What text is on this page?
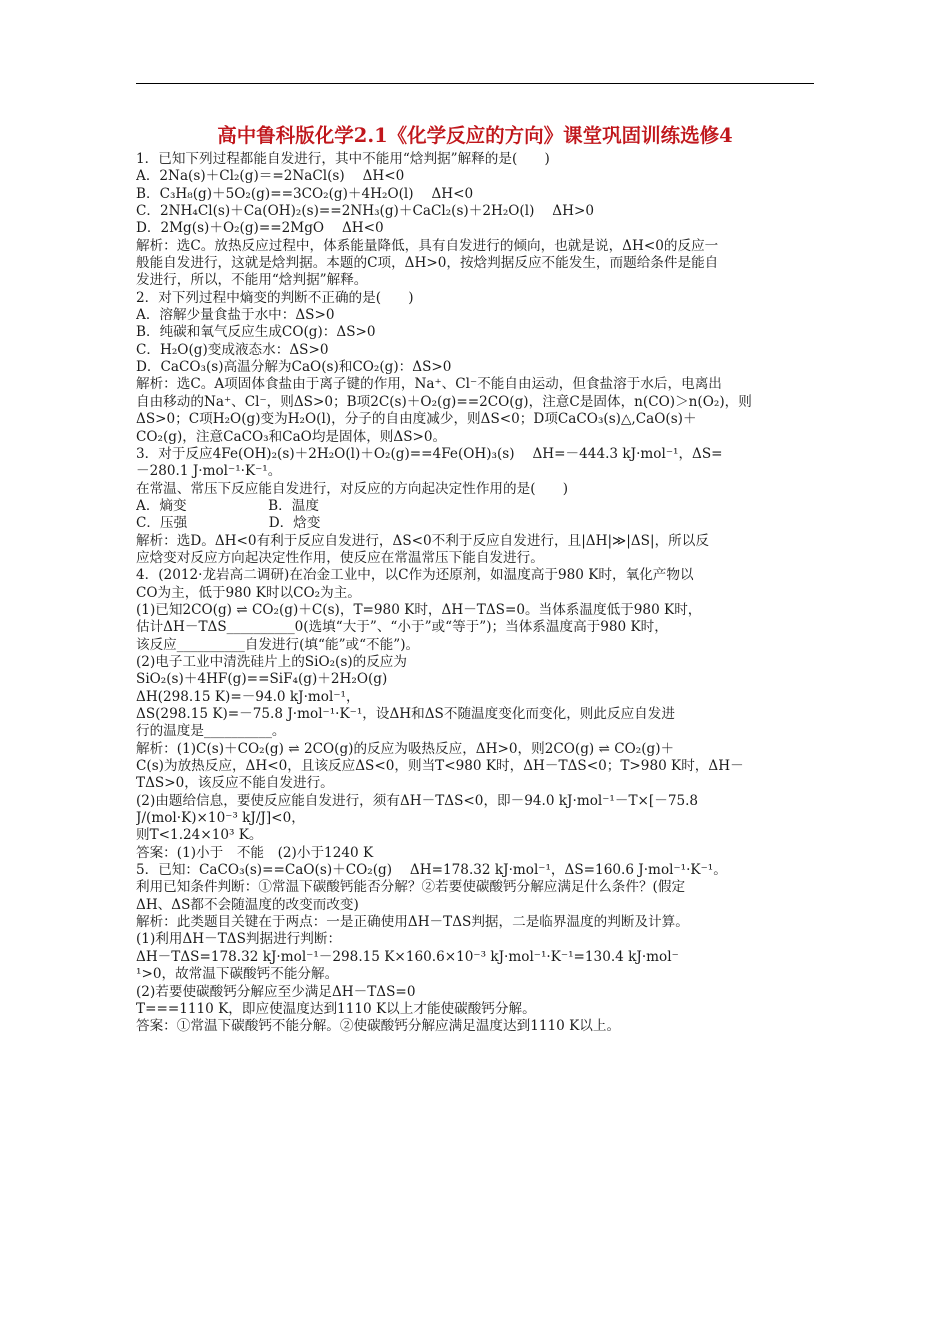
高中鲁科版化学2.1《化学反应的方向》课堂巩固训练选修4
1．已知下列过程都能自发进行，其中不能用“焓判据”解释的是(　　)
A．2Na(s)＋Cl₂(g)＝=2NaCl(s)　 ΔH<0
B．C₃H₈(g)＋5O₂(g)==3CO₂(g)＋4H₂O(l)　 ΔH<0
C．2NH₄Cl(s)＋Ca(OH)₂(s)==2NH₃(g)＋CaCl₂(s)＋2H₂O(l)　 ΔH>0
D．2Mg(s)＋O₂(g)==2MgO　 ΔH<0
解析：选C。放热反应过程中，体系能量降低，具有自发进行的倾向，也就是说，ΔH<0的反应一
般能自发进行，这就是焓判据。本题的C项，ΔH>0，按焓判据反应不能发生，而题给条件是能自
发进行，所以，不能用“焓判据”解释。
2．对下列过程中熵变的判断不正确的是(　　)
A．溶解少量食盐于水中：ΔS>0
B．纯碳和氧气反应生成CO(g)：ΔS>0
C．H₂O(g)变成液态水：ΔS>0
D．CaCO₃(s)高温分解为CaO(s)和CO₂(g)：ΔS>0
解析：选C。A项固体食盐由于离子键的作用，Na⁺、Cl⁻不能自由运动，但食盐溶于水后，电离出
自由移动的Na⁺、Cl⁻，则ΔS>0；B项2C(s)＋O₂(g)==2CO(g)，注意C是固体，n(CO)＞n(O₂)，则
ΔS>0；C项H₂O(g)变为H₂O(l)，分子的自由度减少，则ΔS<0；D项CaCO₃(s)△,CaO(s)＋
CO₂(g)，注意CaCO₃和CaO均是固体，则ΔS>0。
3．对于反应4Fe(OH)₂(s)＋2H₂O(l)＋O₂(g)==4Fe(OH)₃(s)　 ΔH=－444.3 kJ·mol⁻¹，ΔS=
－280.1 J·mol⁻¹·K⁻¹。
在常温、常压下反应能自发进行，对反应的方向起决定性作用的是(　　)
A．熵变　　　　　　B．温度
C．压强　　　　　　D．焓变
解析：选D。ΔH<0有利于反应自发进行，ΔS<0不利于反应自发进行，且|ΔH|≫|ΔS|，所以反
应焓变对反应方向起决定性作用，使反应在常温常压下能自发进行。
4．(2012·龙岩高二调研)在冶金工业中，以C作为还原剂，如温度高于980 K时，氧化产物以
CO为主，低于980 K时以CO₂为主。
(1)已知2CO(g) ⇌ CO₂(g)＋C(s)，T=980 K时，ΔH－TΔS=0。当体系温度低于980 K时，
估计ΔH－TΔS__________0(选填“大于”、“小于”或“等于”)；当体系温度高于980 K时，
该反应__________自发进行(填“能”或“不能”)。
(2)电子工业中清洗硅片上的SiO₂(s)的反应为
SiO₂(s)＋4HF(g)==SiF₄(g)＋2H₂O(g)
ΔH(298.15 K)=－94.0 kJ·mol⁻¹，
ΔS(298.15 K)=－75.8 J·mol⁻¹·K⁻¹，设ΔH和ΔS不随温度变化而变化，则此反应自发进
行的温度是__________。
解析：(1)C(s)＋CO₂(g) ⇌ 2CO(g)的反应为吸热反应，ΔH>0，则2CO(g) ⇌ CO₂(g)＋
C(s)为放热反应，ΔH<0，且该反应ΔS<0，则当T<980 K时，ΔH－TΔS<0；T>980 K时，ΔH－
TΔS>0，该反应不能自发进行。
(2)由题给信息，要使反应能自发进行，须有ΔH－TΔS<0，即－94.0 kJ·mol⁻¹－T×[－75.8
J/(mol·K)×10⁻³ kJ/J]<0，
则T<1.24×10³ K。
答案：(1)小于　不能　(2)小于1240 K
5．已知：CaCO₃(s)==CaO(s)＋CO₂(g)　 ΔH=178.32 kJ·mol⁻¹，ΔS=160.6 J·mol⁻¹·K⁻¹。
利用已知条件判断：①常温下碳酸钙能否分解？②若要使碳酸钙分解应满足什么条件？(假定
ΔH、ΔS都不会随温度的改变而改变)
解析：此类题目关键在于两点：一是正确使用ΔH－TΔS判据，二是临界温度的判断及计算。
(1)利用ΔH－TΔS判据进行判断：
ΔH－TΔS=178.32 kJ·mol⁻¹－298.15 K×160.6×10⁻³ kJ·mol⁻¹·K⁻¹=130.4 kJ·mol⁻
¹>0，故常温下碳酸钙不能分解。
(2)若要使碳酸钙分解应至少满足ΔH－TΔS=0
T===1110 K，即应使温度达到1110 K以上才能使碳酸钙分解。
答案：①常温下碳酸钙不能分解。②使碳酸钙分解应满足温度达到1110 K以上。
